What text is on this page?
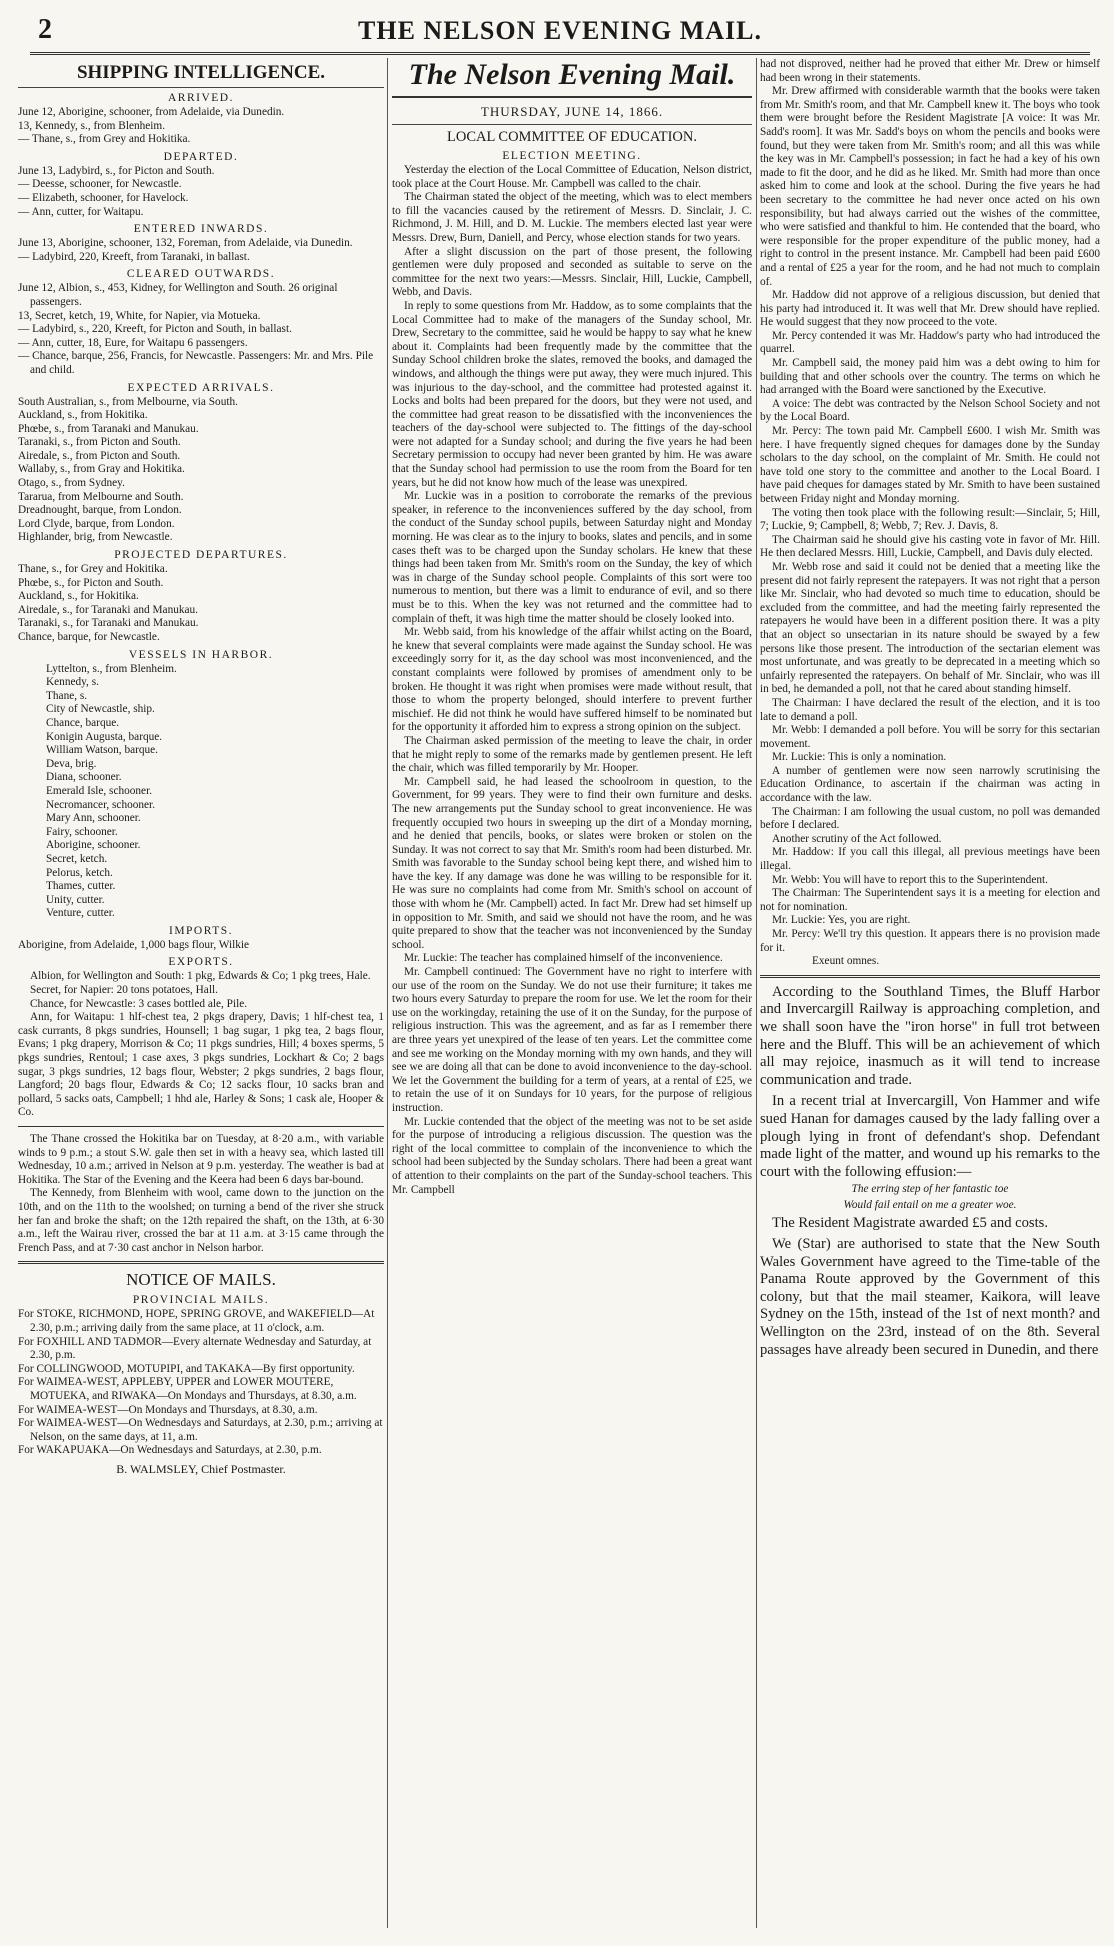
2	THE NELSON EVENING MAIL.
SHIPPING INTELLIGENCE.
ARRIVED.
June 12, Aborigine, schooner, from Adelaide, via Dunedin.
13, Kennedy, s., from Blenheim.
— Thane, s., from Grey and Hokitika.
DEPARTED.
June 13, Ladybird, s., for Picton and South.
— Deesse, schooner, for Newcastle.
— Elizabeth, schooner, for Havelock.
— Ann, cutter, for Waitapu.
ENTERED INWARDS.
June 13, Aborigine, schooner, 132, Foreman, from Adelaide, via Dunedin.
— Ladybird, 220, Kreeft, from Taranaki, in ballast.
CLEARED OUTWARDS.
June 12, Albion, s., 453, Kidney, for Wellington and South. 26 original passengers.
13, Secret, ketch, 19, White, for Napier, via Motueka.
— Ladybird, s., 220, Kreeft, for Picton and South, in ballast.
— Ann, cutter, 18, Eure, for Waitapu 6 passengers.
— Chance, barque, 256, Francis, for Newcastle. Passengers: Mr. and Mrs. Pile and child.
EXPECTED ARRIVALS.
South Australian, s., from Melbourne, via South.
Auckland, s., from Hokitika.
Phœbe, s., from Taranaki and Manukau.
Taranaki, s., from Picton and South.
Airedale, s., from Picton and South.
Wallaby, s., from Gray and Hokitika.
Otago, s., from Sydney.
Tararua, from Melbourne and South.
Dreadnought, barque, from London.
Lord Clyde, barque, from London.
Highlander, brig, from Newcastle.
PROJECTED DEPARTURES.
Thane, s., for Grey and Hokitika.
Phœbe, s., for Picton and South.
Auckland, s., for Hokitika.
Airedale, s., for Taranaki and Manukau.
Taranaki, s., for Taranaki and Manukau.
Chance, barque, for Newcastle.
VESSELS IN HARBOR.
Lyttelton, s., from Blenheim.
Kennedy, s.
Thane, s.
City of Newcastle, ship.
Chance, barque.
Konigin Augusta, barque.
William Watson, barque.
Deva, brig.
Diana, schooner.
Emerald Isle, schooner.
Necromancer, schooner.
Mary Ann, schooner.
Fairy, schooner.
Aborigine, schooner.
Secret, ketch.
Pelorus, ketch.
Thames, cutter.
Unity, cutter.
Venture, cutter.
IMPORTS.
Aborigine, from Adelaide, 1,000 bags flour, Wilkie
EXPORTS.

Albion, for Wellington and South: 1 pkg, Edwards & Co; 1 pkg trees, Hale.

Secret, for Napier: 20 tons potatoes, Hall.

Chance, for Newcastle: 3 cases bottled ale, Pile.

Ann, for Waitapu: 1 hlf-chest tea, 2 pkgs drapery, Davis; 1 hlf-chest tea, 1 cask currants, 8 pkgs sundries, Hounsell; 1 bag sugar, 1 pkg tea, 2 bags flour, Evans; 1 pkg drapery, Morrison & Co; 11 pkgs sundries, Hill; 4 boxes sperms, 5 pkgs sundries, Rentoul; 1 case axes, 3 pkgs sundries, Lockhart & Co; 2 bags sugar, 3 pkgs sundries, 12 bags flour, Webster; 2 pkgs sundries, 2 bags flour, Langford; 20 bags flour, Edwards & Co; 12 sacks flour, 10 sacks bran and pollard, 5 sacks oats, Campbell; 1 hhd ale, Harley & Sons; 1 cask ale, Hooper & Co.

The Thane crossed the Hokitika bar on Tuesday, at 8·20 a.m., with variable winds to 9 p.m.; a stout S.W. gale then set in with a heavy sea, which lasted till Wednesday, 10 a.m.; arrived in Nelson at 9 p.m. yesterday. The weather is bad at Hokitika. The Star of the Evening and the Keera had been 6 days bar-bound.

The Kennedy, from Blenheim with wool, came down to the junction on the 10th, and on the 11th to the woolshed; on turning a bend of the river she struck her fan and broke the shaft; on the 12th repaired the shaft, on the 13th, at 6·30 a.m., left the Wairau river, crossed the bar at 11 a.m. at 3·15 came through the French Pass, and at 7·30 cast anchor in Nelson harbor.

NOTICE OF MAILS.
PROVINCIAL MAILS.
For STOKE, RICHMOND, HOPE, SPRING GROVE, and WAKEFIELD—At 2.30, p.m.; arriving daily from the same place, at 11 o'clock, a.m.
For FOXHILL AND TADMOR—Every alternate Wednesday and Saturday, at 2.30, p.m.
For COLLINGWOOD, MOTUPIPI, and TAKAKA—By first opportunity.
For WAIMEA-WEST, APPLEBY, UPPER and LOWER MOUTERE, MOTUEKA, and RIWAKA—On Mondays and Thursdays, at 8.30, a.m.
For WAIMEA-WEST—On Mondays and Thursdays, at 8.30, a.m.
For WAIMEA-WEST—On Wednesdays and Saturdays, at 2.30, p.m.; arriving at Nelson, on the same days, at 11, a.m.
For WAKAPUAKA—On Wednesdays and Saturdays, at 2.30, p.m.
B. WALMSLEY, Chief Postmaster.
The Nelson Evening Mail.
THURSDAY, JUNE 14, 1866.
LOCAL COMMITTEE OF EDUCATION.
ELECTION MEETING.

Yesterday the election of the Local Committee of Education, Nelson district, took place at the Court House. Mr. Campbell was called to the chair.

The Chairman stated the object of the meeting, which was to elect members to fill the vacancies caused by the retirement of Messrs. D. Sinclair, J. C. Richmond, J. M. Hill, and D. M. Luckie. The members elected last year were Messrs. Drew, Burn, Daniell, and Percy, whose election stands for two years.

After a slight discussion on the part of those present, the following gentlemen were duly proposed and seconded as suitable to serve on the committee for the next two years:—Messrs. Sinclair, Hill, Luckie, Campbell, Webb, and Davis.

In reply to some questions from Mr. Haddow, as to some complaints that the Local Committee had to make of the managers of the Sunday school, Mr. Drew, Secretary to the committee, said he would be happy to say what he knew about it. Complaints had been frequently made by the committee that the Sunday School children broke the slates, removed the books, and damaged the windows, and although the things were put away, they were much injured. This was injurious to the day-school, and the committee had protested against it. Locks and bolts had been prepared for the doors, but they were not used, and the committee had great reason to be dissatisfied with the inconveniences the teachers of the day-school were subjected to. The fittings of the day-school were not adapted for a Sunday school; and during the five years he had been Secretary permission to occupy had never been granted by him. He was aware that the Sunday school had permission to use the room from the Board for ten years, but he did not know how much of the lease was unexpired.

Mr. Luckie was in a position to corroborate the remarks of the previous speaker, in reference to the inconveniences suffered by the day school, from the conduct of the Sunday school pupils, between Saturday night and Monday morning. He was clear as to the injury to books, slates and pencils, and in some cases theft was to be charged upon the Sunday scholars. He knew that these things had been taken from Mr. Smith's room on the Sunday, the key of which was in charge of the Sunday school people. Complaints of this sort were too numerous to mention, but there was a limit to endurance of evil, and so there must be to this. When the key was not returned and the committee had to complain of theft, it was high time the matter should be closely looked into.

Mr. Webb said, from his knowledge of the affair whilst acting on the Board, he knew that several complaints were made against the Sunday school. He was exceedingly sorry for it, as the day school was most inconvenienced, and the constant complaints were followed by promises of amendment only to be broken. He thought it was right when promises were made without result, that those to whom the property belonged, should interfere to prevent further mischief. He did not think he would have suffered himself to be nominated but for the opportunity it afforded him to express a strong opinion on the subject.

The Chairman asked permission of the meeting to leave the chair, in order that he might reply to some of the remarks made by gentlemen present. He left the chair, which was filled temporarily by Mr. Hooper.

Mr. Campbell said, he had leased the schoolroom in question, to the Government, for 99 years. They were to find their own furniture and desks. The new arrangements put the Sunday school to great inconvenience. He was frequently occupied two hours in sweeping up the dirt of a Monday morning, and he denied that pencils, books, or slates were broken or stolen on the Sunday. It was not correct to say that Mr. Smith's room had been disturbed. Mr. Smith was favorable to the Sunday school being kept there, and wished him to have the key. If any damage was done he was willing to be responsible for it. He was sure no complaints had come from Mr. Smith's school on account of those with whom he (Mr. Campbell) acted. In fact Mr. Drew had set himself up in opposition to Mr. Smith, and said we should not have the room, and he was quite prepared to show that the teacher was not inconvenienced by the Sunday school.

Mr. Luckie: The teacher has complained himself of the inconvenience.

Mr. Campbell continued: The Government have no right to interfere with our use of the room on the Sunday. We do not use their furniture; it takes me two hours every Saturday to prepare the room for use. We let the room for their use on the workingday, retaining the use of it on the Sunday, for the purpose of religious instruction. This was the agreement, and as far as I remember there are three years yet unexpired of the lease of ten years. Let the committee come and see me working on the Monday morning with my own hands, and they will see we are doing all that can be done to avoid inconvenience to the day-school. We let the Government the building for a term of years, at a rental of £25, we to retain the use of it on Sundays for 10 years, for the purpose of religious instruction.

Mr. Luckie contended that the object of the meeting was not to be set aside for the purpose of introducing a religious discussion. The question was the right of the local committee to complain of the inconvenience to which the school had been subjected by the Sunday scholars. There had been a great want of attention to their complaints on the part of the Sunday-school teachers. This Mr. Campbell

had not disproved, neither had he proved that either Mr. Drew or himself had been wrong in their statements.

Mr. Drew affirmed with considerable warmth that the books were taken from Mr. Smith's room, and that Mr. Campbell knew it. The boys who took them were brought before the Resident Magistrate [A voice: It was Mr. Sadd's room]. It was Mr. Sadd's boys on whom the pencils and books were found, but they were taken from Mr. Smith's room; and all this was while the key was in Mr. Campbell's possession; in fact he had a key of his own made to fit the door, and he did as he liked. Mr. Smith had more than once asked him to come and look at the school. During the five years he had been secretary to the committee he had never once acted on his own responsibility, but had always carried out the wishes of the committee, who were satisfied and thankful to him. He contended that the board, who were responsible for the proper expenditure of the public money, had a right to control in the present instance. Mr. Campbell had been paid £600 and a rental of £25 a year for the room, and he had not much to complain of.

Mr. Haddow did not approve of a religious discussion, but denied that his party had introduced it. It was well that Mr. Drew should have replied. He would suggest that they now proceed to the vote.

Mr. Percy contended it was Mr. Haddow's party who had introduced the quarrel.

Mr. Campbell said, the money paid him was a debt owing to him for building that and other schools over the country. The terms on which he had arranged with the Board were sanctioned by the Executive.

A voice: The debt was contracted by the Nelson School Society and not by the Local Board.

Mr. Percy: The town paid Mr. Campbell £600. I wish Mr. Smith was here. I have frequently signed cheques for damages done by the Sunday scholars to the day school, on the complaint of Mr. Smith. He could not have told one story to the committee and another to the Local Board. I have paid cheques for damages stated by Mr. Smith to have been sustained between Friday night and Monday morning.

The voting then took place with the following result:—Sinclair, 5; Hill, 7; Luckie, 9; Campbell, 8; Webb, 7; Rev. J. Davis, 8.

The Chairman said he should give his casting vote in favor of Mr. Hill. He then declared Messrs. Hill, Luckie, Campbell, and Davis duly elected.

Mr. Webb rose and said it could not be denied that a meeting like the present did not fairly represent the ratepayers. It was not right that a person like Mr. Sinclair, who had devoted so much time to education, should be excluded from the committee, and had the meeting fairly represented the ratepayers he would have been in a different position there. It was a pity that an object so unsectarian in its nature should be swayed by a few persons like those present. The introduction of the sectarian element was most unfortunate, and was greatly to be deprecated in a meeting which so unfairly represented the ratepayers. On behalf of Mr. Sinclair, who was ill in bed, he demanded a poll, not that he cared about standing himself.

The Chairman: I have declared the result of the election, and it is too late to demand a poll.

Mr. Webb: I demanded a poll before. You will be sorry for this sectarian movement.

Mr. Luckie: This is only a nomination.

A number of gentlemen were now seen narrowly scrutinising the Education Ordinance, to ascertain if the chairman was acting in accordance with the law.

The Chairman: I am following the usual custom, no poll was demanded before I declared.

Another scrutiny of the Act followed.

Mr. Haddow: If you call this illegal, all previous meetings have been illegal.

Mr. Webb: You will have to report this to the Superintendent.

The Chairman: The Superintendent says it is a meeting for election and not for nomination.

Mr. Luckie: Yes, you are right.

Mr. Percy: We'll try this question. It appears there is no provision made for it.

Exeunt omnes.

According to the Southland Times, the Bluff Harbor and Invercargill Railway is approaching completion, and we shall soon have the "iron horse" in full trot between here and the Bluff. This will be an achievement of which all may rejoice, inasmuch as it will tend to increase communication and trade.

In a recent trial at Invercargill, Von Hammer and wife sued Hanan for damages caused by the lady falling over a plough lying in front of defendant's shop. Defendant made light of the matter, and wound up his remarks to the court with the following effusion:—

The erring step of her fantastic toe
Would fail entail on me a greater woe.

The Resident Magistrate awarded £5 and costs.

We (Star) are authorised to state that the New South Wales Government have agreed to the Time-table of the Panama Route approved by the Government of this colony, but that the mail steamer, Kaikora, will leave Sydney on the 15th, instead of the 1st of next month? and Wellington on the 23rd, instead of on the 8th. Several passages have already been secured in Dunedin, and there
